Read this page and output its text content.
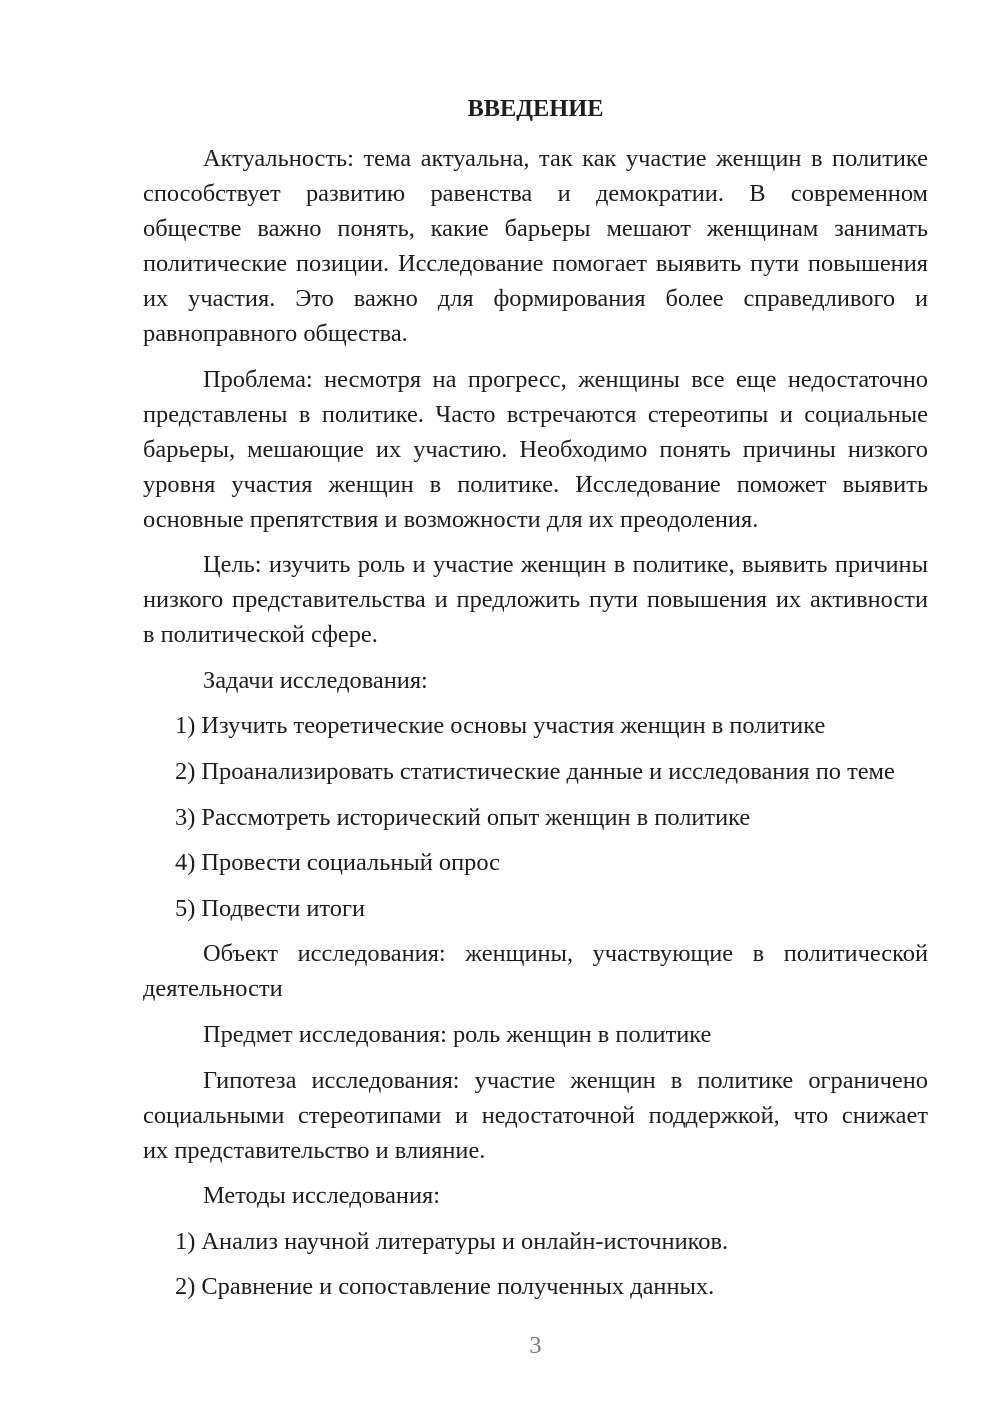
ВВЕДЕНИЕ
Актуальность: тема актуальна, так как участие женщин в политике
способствует развитию равенства и демократии. В современном
обществе важно понять, какие барьеры мешают женщинам занимать
политические позиции. Исследование помогает выявить пути повышения
их участия. Это важно для формирования более справедливого и
равноправного общества.
Проблема: несмотря на прогресс, женщины все еще недостаточно
представлены в политике. Часто встречаются стереотипы и социальные
барьеры, мешающие их участию. Необходимо понять причины низкого
уровня участия женщин в политике. Исследование поможет выявить
основные препятствия и возможности для их преодоления.
Цель: изучить роль и участие женщин в политике, выявить причины
низкого представительства и предложить пути повышения их активности
в политической сфере.
Задачи исследования:
1) Изучить теоретические основы участия женщин в политике
2) Проанализировать статистические данные и исследования по теме
3) Рассмотреть исторический опыт женщин в политике
4) Провести социальный опрос
5) Подвести итоги
Объект исследования: женщины, участвующие в политической
деятельности
Предмет исследования: роль женщин в политике
Гипотеза исследования: участие женщин в политике ограничено
социальными стереотипами и недостаточной поддержкой, что снижает
их представительство и влияние.
Методы исследования:
1) Анализ научной литературы и онлайн-источников.
2) Сравнение и сопоставление полученных данных.
3
